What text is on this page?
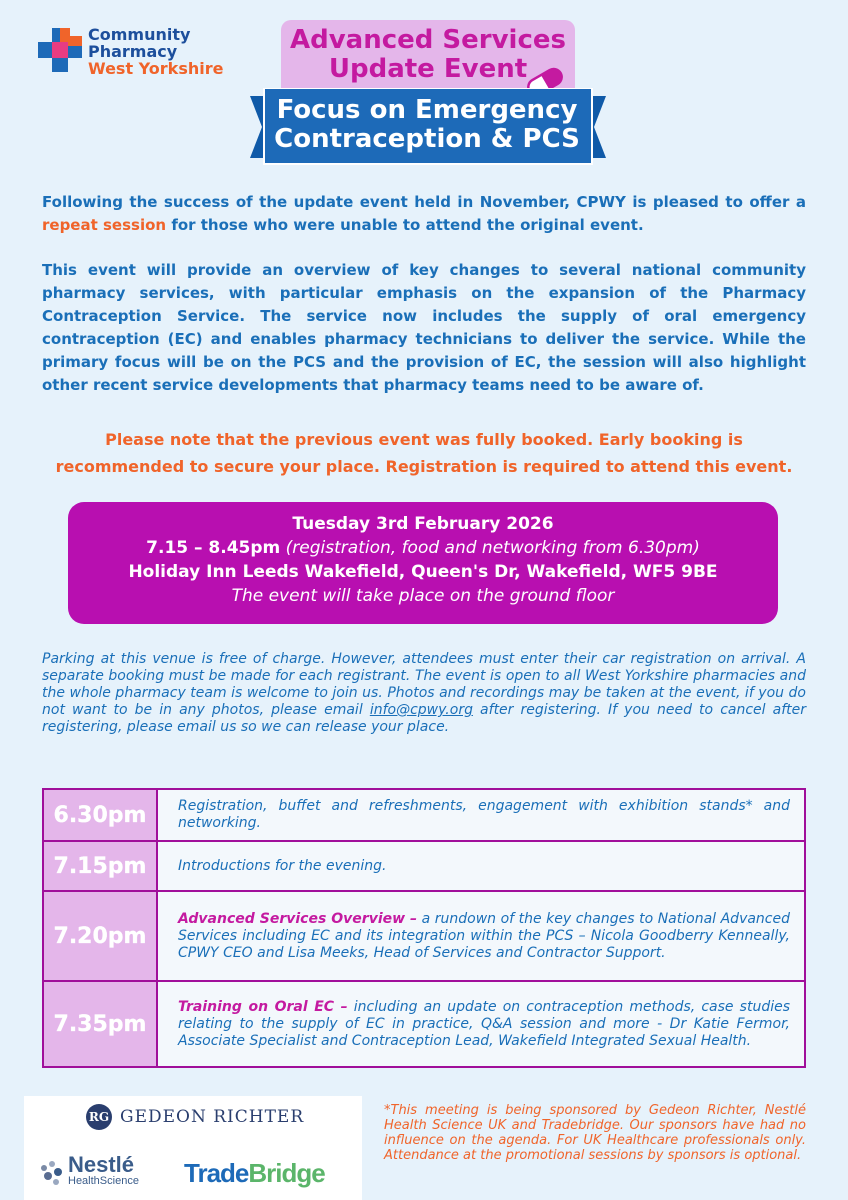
Community
Pharmacy
West Yorkshire
Advanced Services
Update Event
Focus on Emergency
Contraception & PCS
Following the success of the update event held in November, CPWY is pleased to offer a repeat session for those who were unable to attend the original event.
This event will provide an overview of key changes to several national community pharmacy services, with particular emphasis on the expansion of the Pharmacy Contraception Service. The service now includes the supply of oral emergency contraception (EC) and enables pharmacy technicians to deliver the service. While the primary focus will be on the PCS and the provision of EC, the session will also highlight other recent service developments that pharmacy teams need to be aware of.
Please note that the previous event was fully booked. Early booking is recommended to secure your place. Registration is required to attend this event.
Tuesday 3rd February 2026
7.15 – 8.45pm (registration, food and networking from 6.30pm)
Holiday Inn Leeds Wakefield, Queen's Dr, Wakefield, WF5 9BE
The event will take place on the ground floor
Parking at this venue is free of charge. However, attendees must enter their car registration on arrival. A separate booking must be made for each registrant. The event is open to all West Yorkshire pharmacies and the whole pharmacy team is welcome to join us. Photos and recordings may be taken at the event, if you do not want to be in any photos, please email info@cpwy.org after registering. If you need to cancel after registering, please email us so we can release your place.
6.30pm	Registration, buffet and refreshments, engagement with exhibition stands* and networking.
7.15pm	Introductions for the evening.
7.20pm	Advanced Services Overview – a rundown of the key changes to National Advanced Services including EC and its integration within the PCS – Nicola Goodberry Kenneally, CPWY CEO and Lisa Meeks, Head of Services and Contractor Support.
7.35pm	Training on Oral EC – including an update on contraception methods, case studies relating to the supply of EC in practice, Q&A session and more - Dr Katie Fermor, Associate Specialist and Contraception Lead, Wakefield Integrated Sexual Health.
RG GEDEON RICHTER
Nestlé
HealthScience TradeBridge
*This meeting is being sponsored by Gedeon Richter, Nestlé Health Science UK and Tradebridge. Our sponsors have had no influence on the agenda. For UK Healthcare professionals only. Attendance at the promotional sessions by sponsors is optional.
